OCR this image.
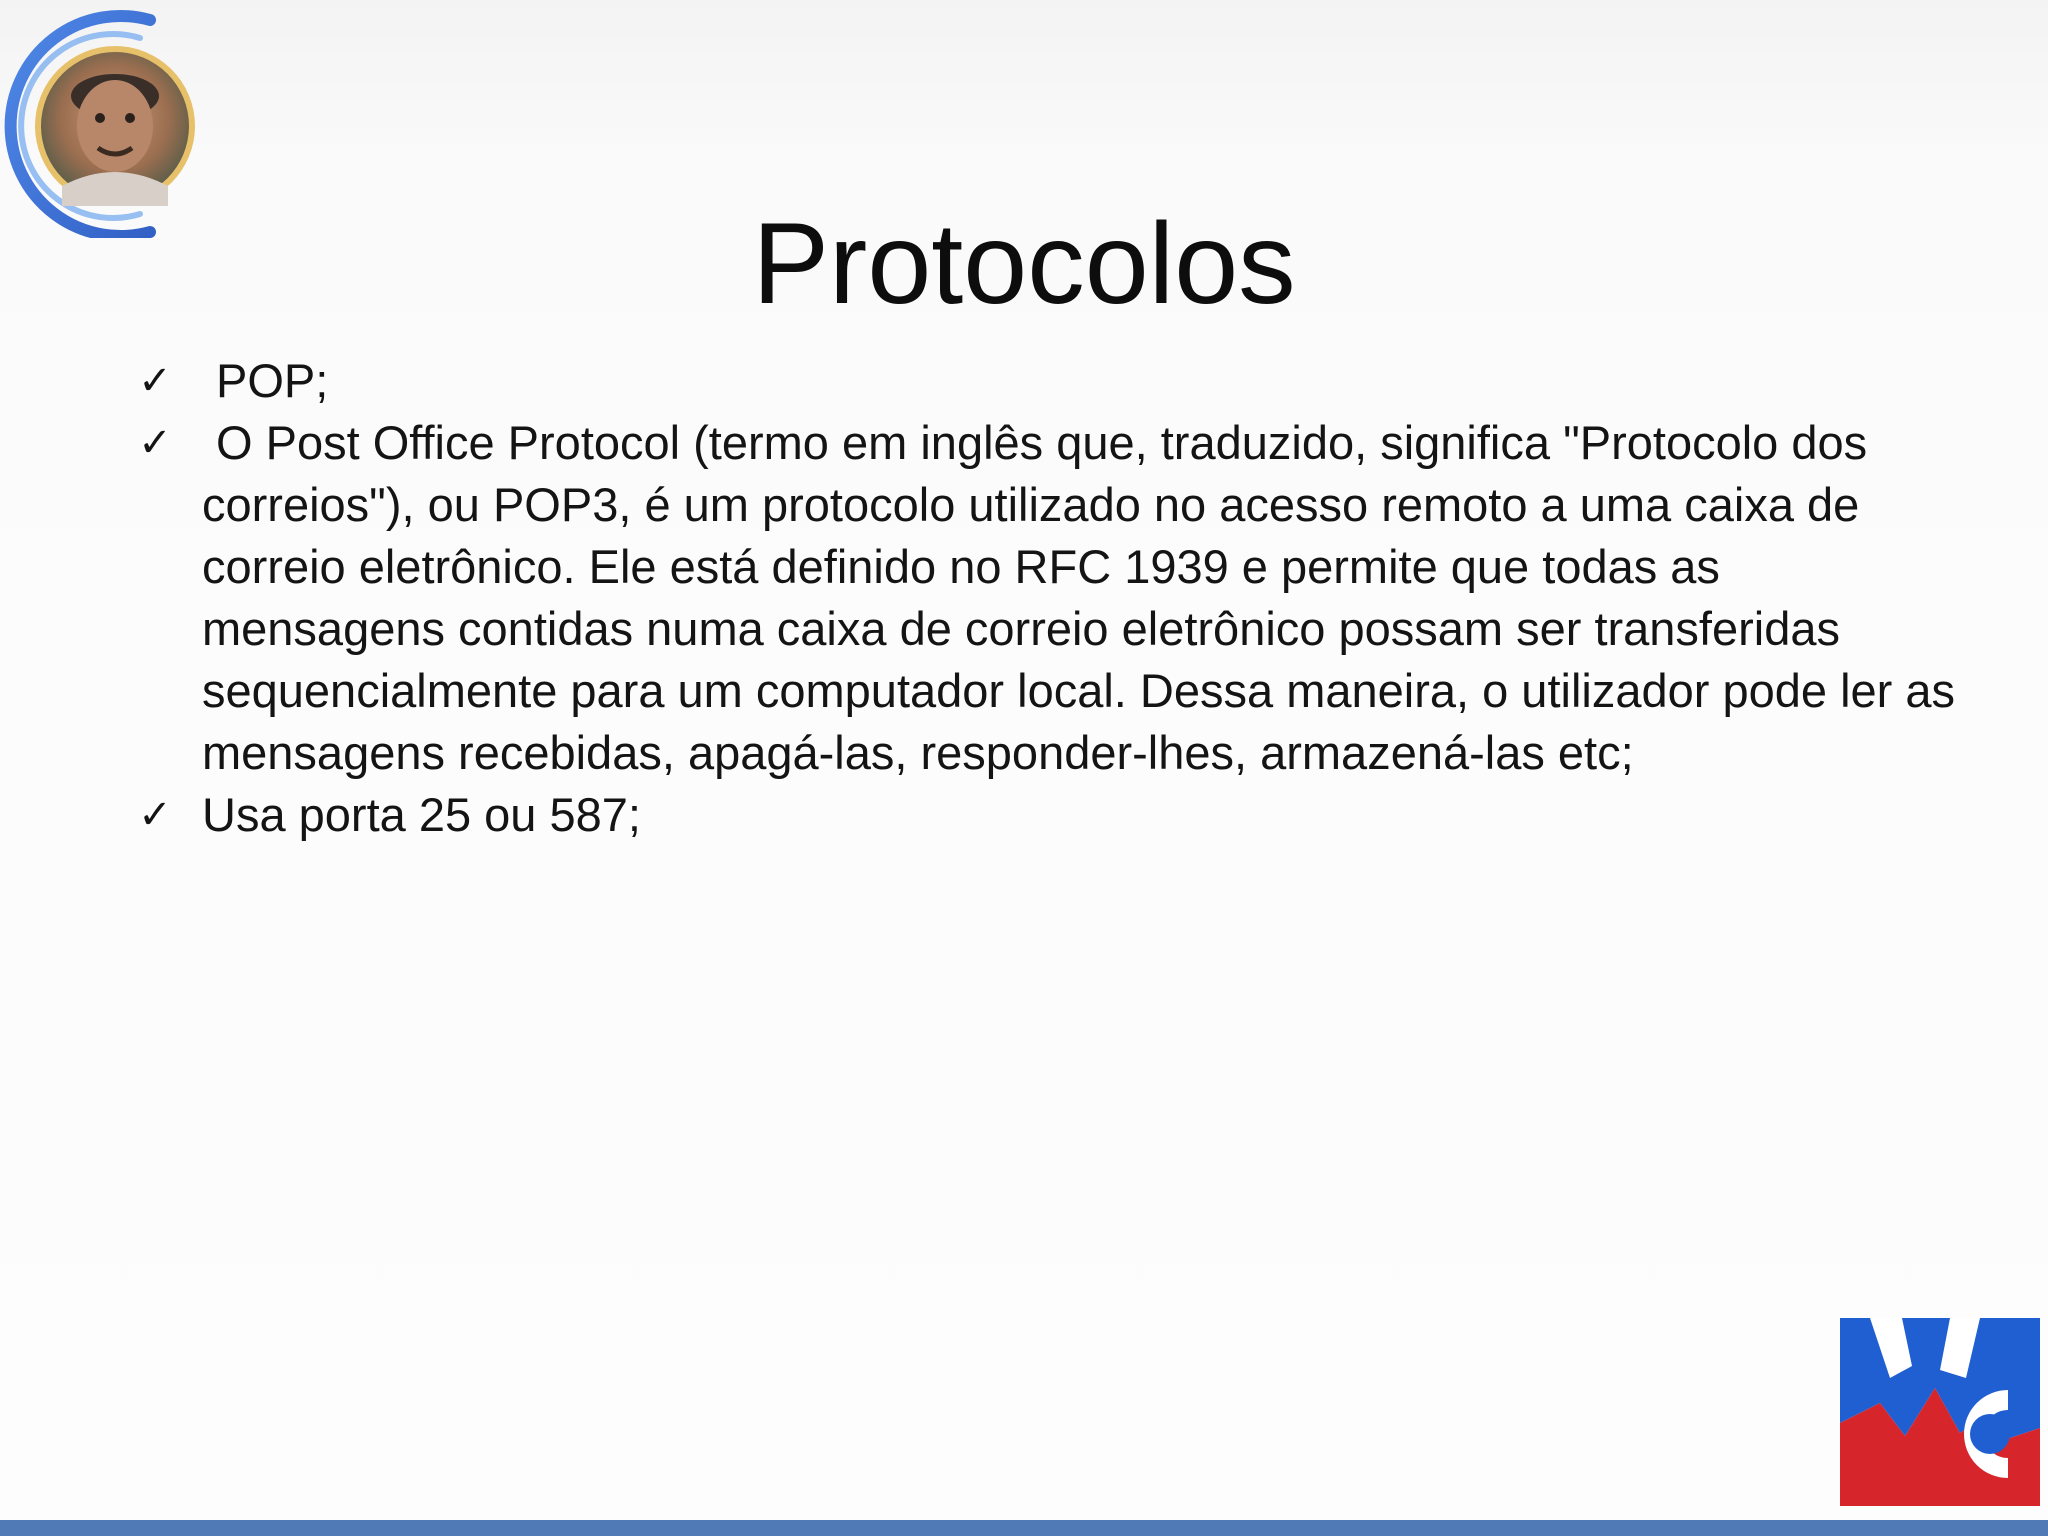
Protocolos
✓ POP;
✓ O Post Office Protocol (termo em inglês que, traduzido, significa "Protocolo dos correios"), ou POP3, é um protocolo utilizado no acesso remoto a uma caixa de correio eletrônico. Ele está definido no RFC 1939 e permite que todas as mensagens contidas numa caixa de correio eletrônico possam ser transferidas sequencialmente para um computador local. Dessa maneira, o utilizador pode ler as mensagens recebidas, apagá-las, responder-lhes, armazená-las etc;
✓ Usa porta 25 ou 587;
